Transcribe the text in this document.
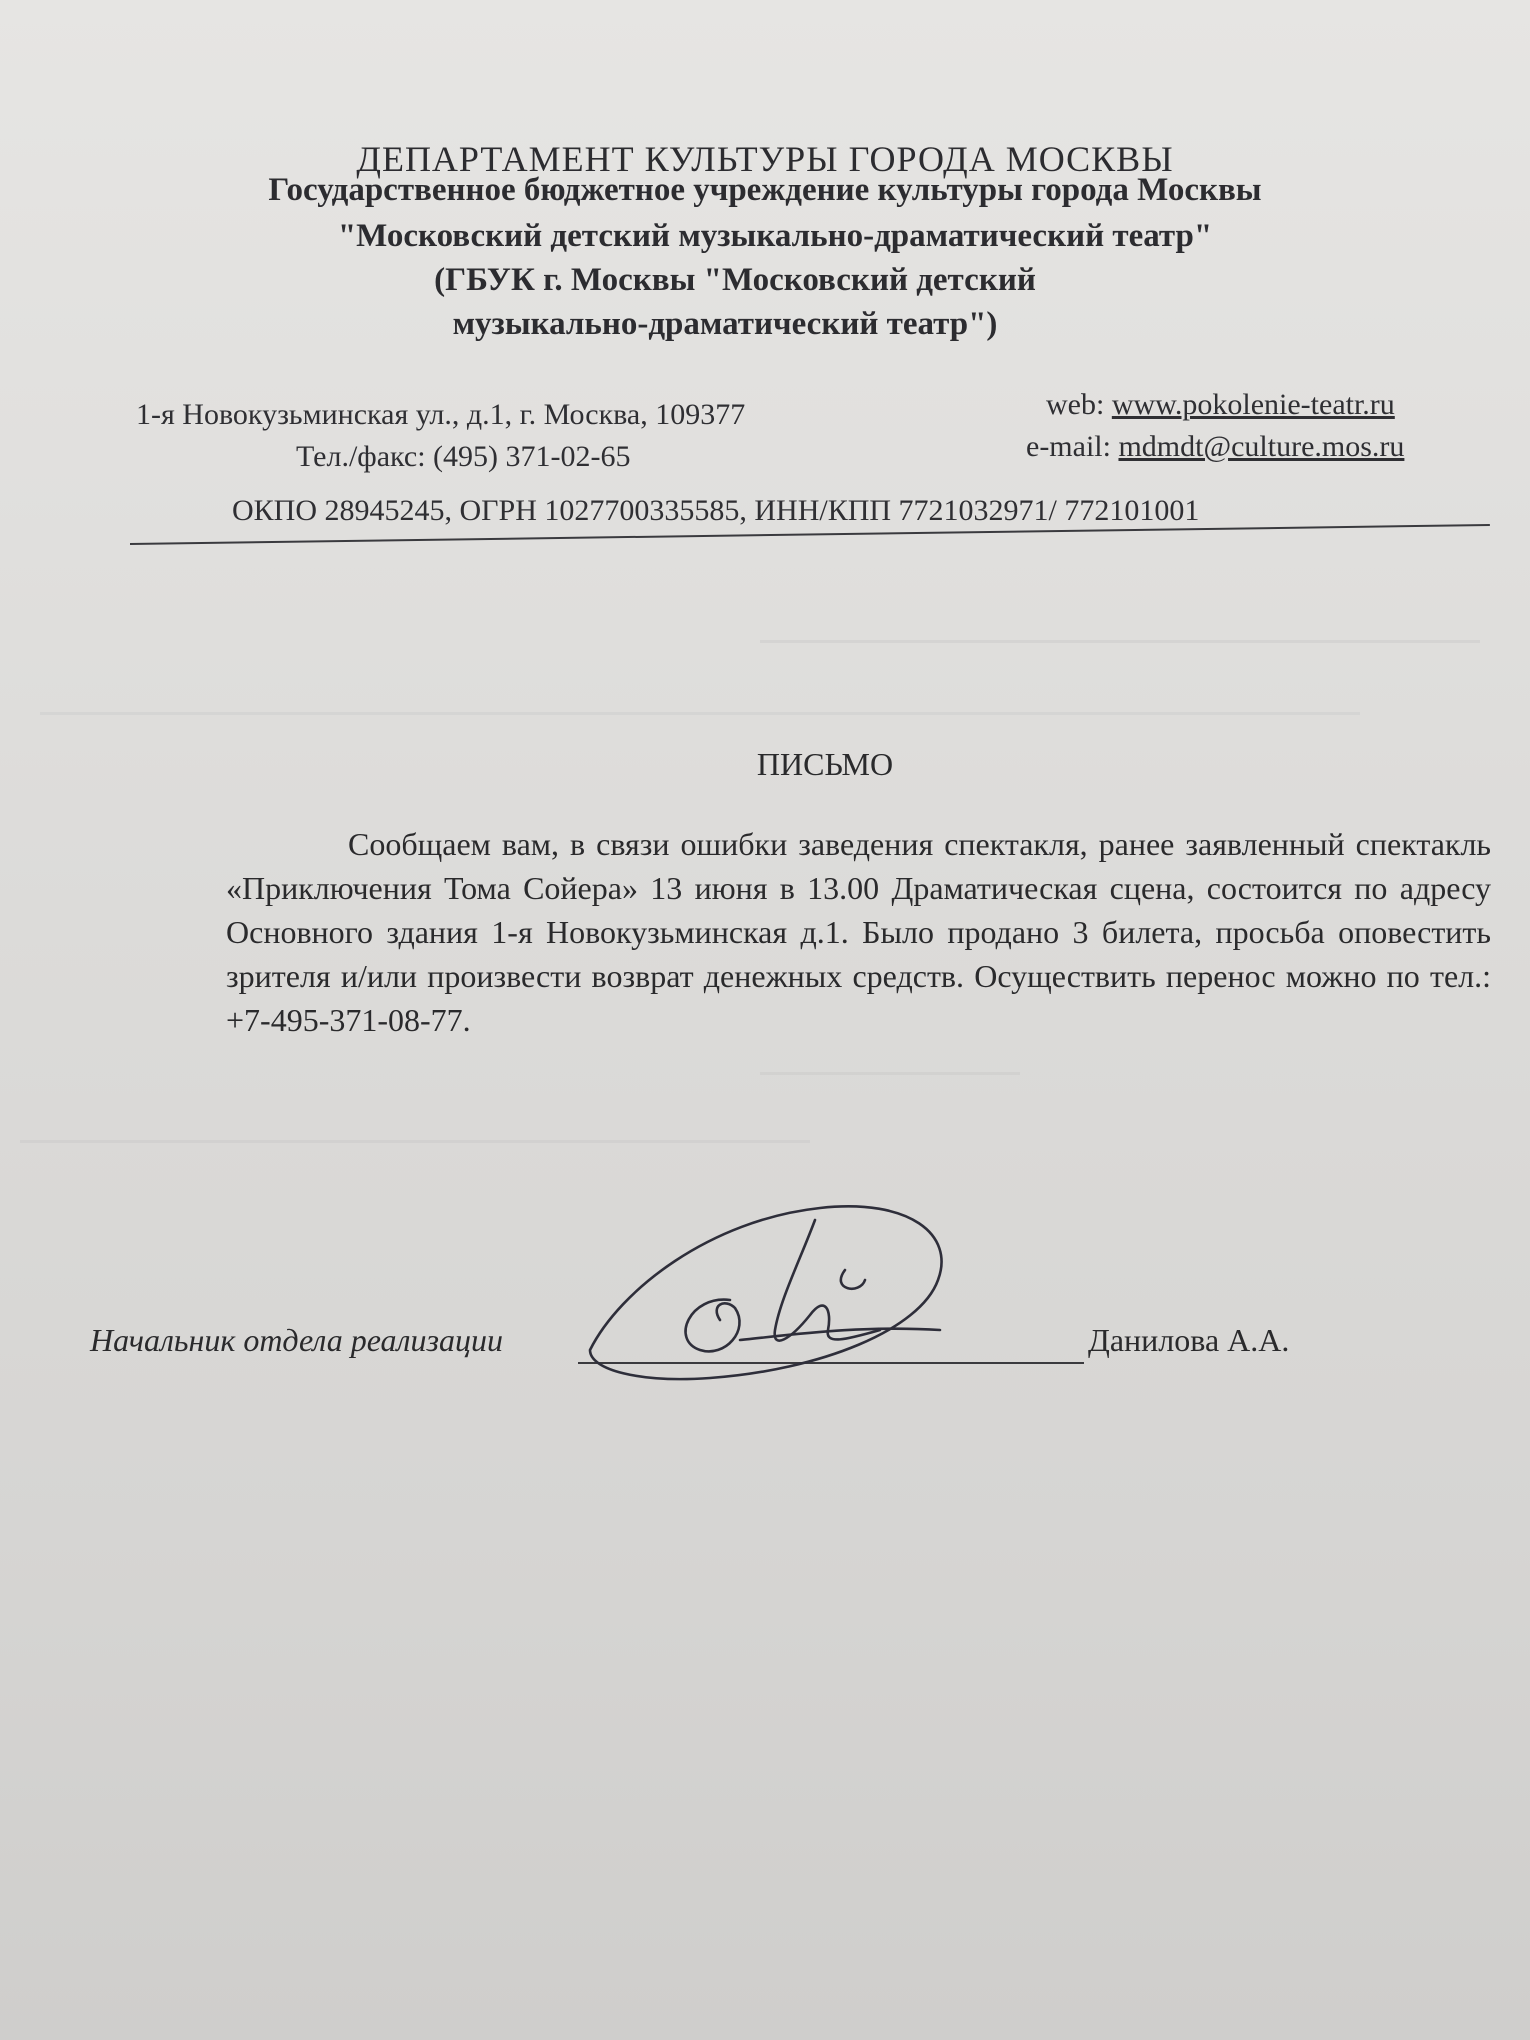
ДЕПАРТАМЕНТ КУЛЬТУРЫ ГОРОДА МОСКВЫ
Государственное бюджетное учреждение культуры города Москвы
"Московский детский музыкально-драматический театр"
(ГБУК г. Москвы "Московский детский
музыкально-драматический театр")
1-я Новокузьминская ул., д.1, г. Москва, 109377
Тел./факс: (495) 371-02-65
web: www.pokolenie-teatr.ru
e-mail: mdmdt@culture.mos.ru
ОКПО 28945245, ОГРН 1027700335585, ИНН/КПП 7721032971/ 772101001
ПИСЬМО
Сообщаем вам, в связи ошибки заведения спектакля, ранее заявленный спектакль «Приключения Тома Сойера» 13 июня в 13.00 Драматическая сцена, состоится по адресу Основного здания 1-я Новокузьминская д.1. Было продано 3 билета, просьба оповестить зрителя и/или произвести возврат денежных средств. Осуществить перенос можно по тел.: +7-495-371-08-77.
Начальник отдела реализации	Данилова А.А.
